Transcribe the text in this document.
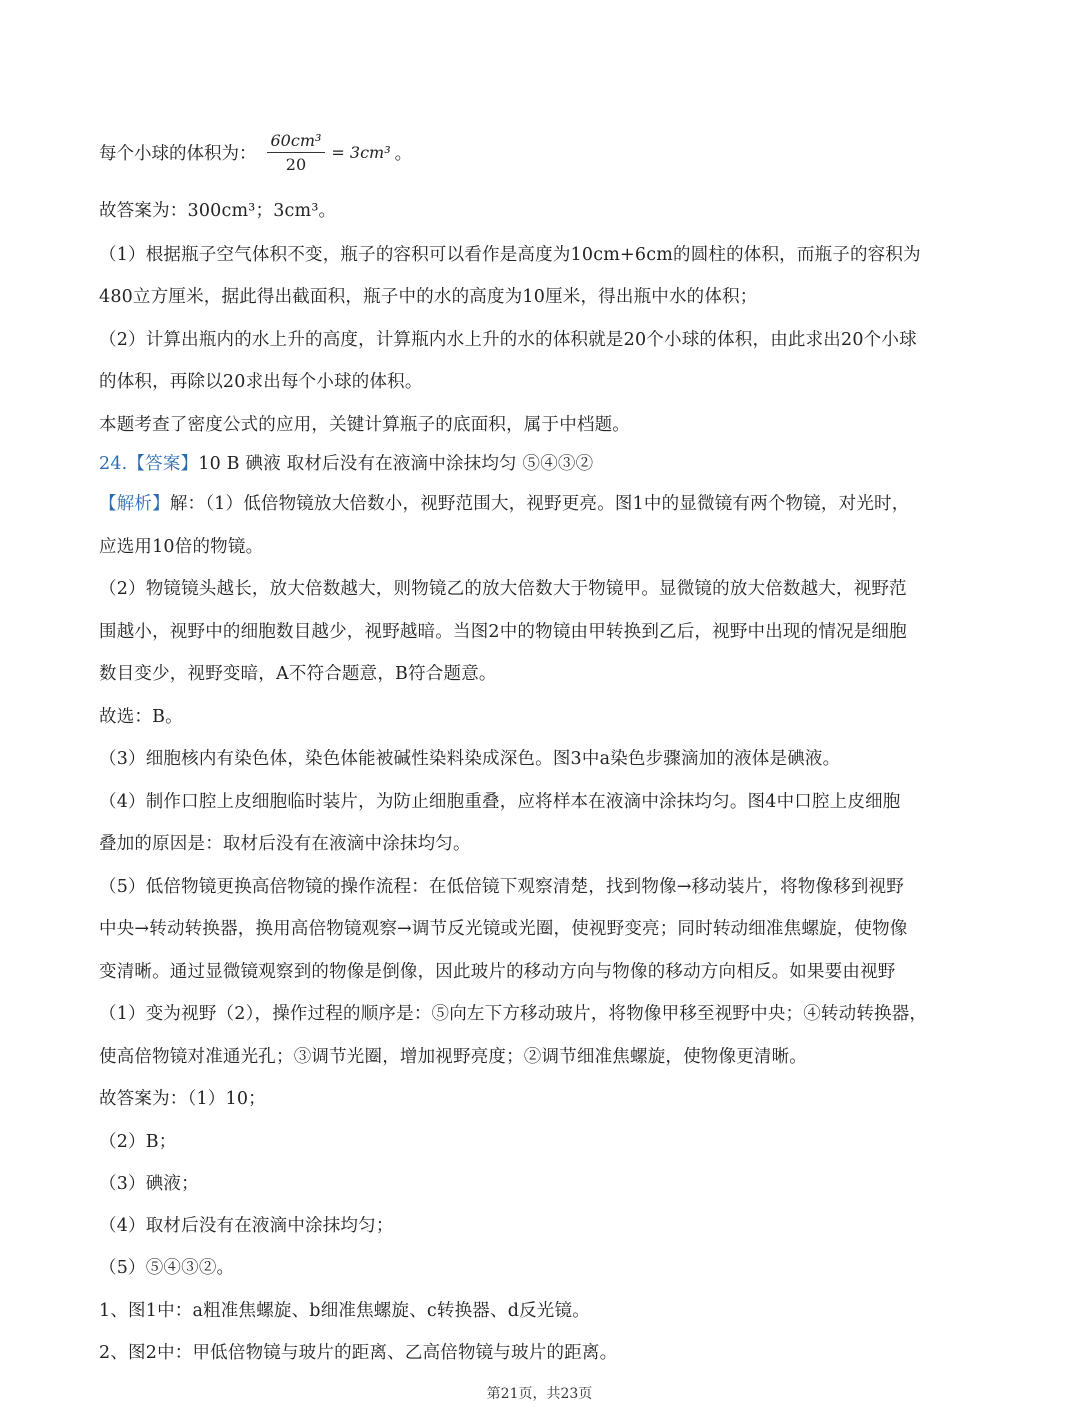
每个小球的体积为： $\frac{\text{60cm³}}{20} = 3cm^3$ 。
故答案为：300cm³；3cm³。
（1）根据瓶子空气体积不变，瓶子的容积可以看作是高度为10cm+6cm的圆柱的体积，而瓶子的容积为
480立方厘米，据此得出截面积，瓶子中的水的高度为10厘米，得出瓶中水的体积；
（2）计算出瓶内的水上升的高度，计算瓶内水上升的水的体积就是20个小球的体积，由此求出20个小球
的体积，再除以20求出每个小球的体积。
本题考查了密度公式的应用，关键计算瓶子的底面积，属于中档题。
24.【答案】10 B 碘液 取材后没有在液滴中涂抹均匀 ⑤④③②
【解析】解：（1）低倍物镜放大倍数小，视野范围大，视野更亮。图1中的显微镜有两个物镜，对光时，
应选用10倍的物镜。
（2）物镜镜头越长，放大倍数越大，则物镜乙的放大倍数大于物镜甲。显微镜的放大倍数越大，视野范
围越小，视野中的细胞数目越少，视野越暗。当图2中的物镜由甲转换到乙后，视野中出现的情况是细胞
数目变少，视野变暗，A不符合题意，B符合题意。
故选：B。
（3）细胞核内有染色体，染色体能被碱性染料染成深色。图3中a染色步骤滴加的液体是碘液。
（4）制作口腔上皮细胞临时装片，为防止细胞重叠，应将样本在液滴中涂抹均匀。图4中口腔上皮细胞
叠加的原因是：取材后没有在液滴中涂抹均匀。
（5）低倍物镜更换高倍物镜的操作流程：在低倍镜下观察清楚，找到物像→移动装片，将物像移到视野
中央→转动转换器，换用高倍物镜观察→调节反光镜或光圈，使视野变亮；同时转动细准焦螺旋，使物像
变清晰。通过显微镜观察到的物像是倒像，因此玻片的移动方向与物像的移动方向相反。如果要由视野
（1）变为视野（2），操作过程的顺序是：⑤向左下方移动玻片，将物像甲移至视野中央；④转动转换器，
使高倍物镜对准通光孔；③调节光圈，增加视野亮度；②调节细准焦螺旋，使物像更清晰。
故答案为：（1）10；
（2）B；
（3）碘液；
（4）取材后没有在液滴中涂抹均匀；
（5）⑤④③②。
1、图1中：a粗准焦螺旋、b细准焦螺旋、c转换器、d反光镜。
2、图2中：甲低倍物镜与玻片的距离、乙高倍物镜与玻片的距离。
第21页，共23页
